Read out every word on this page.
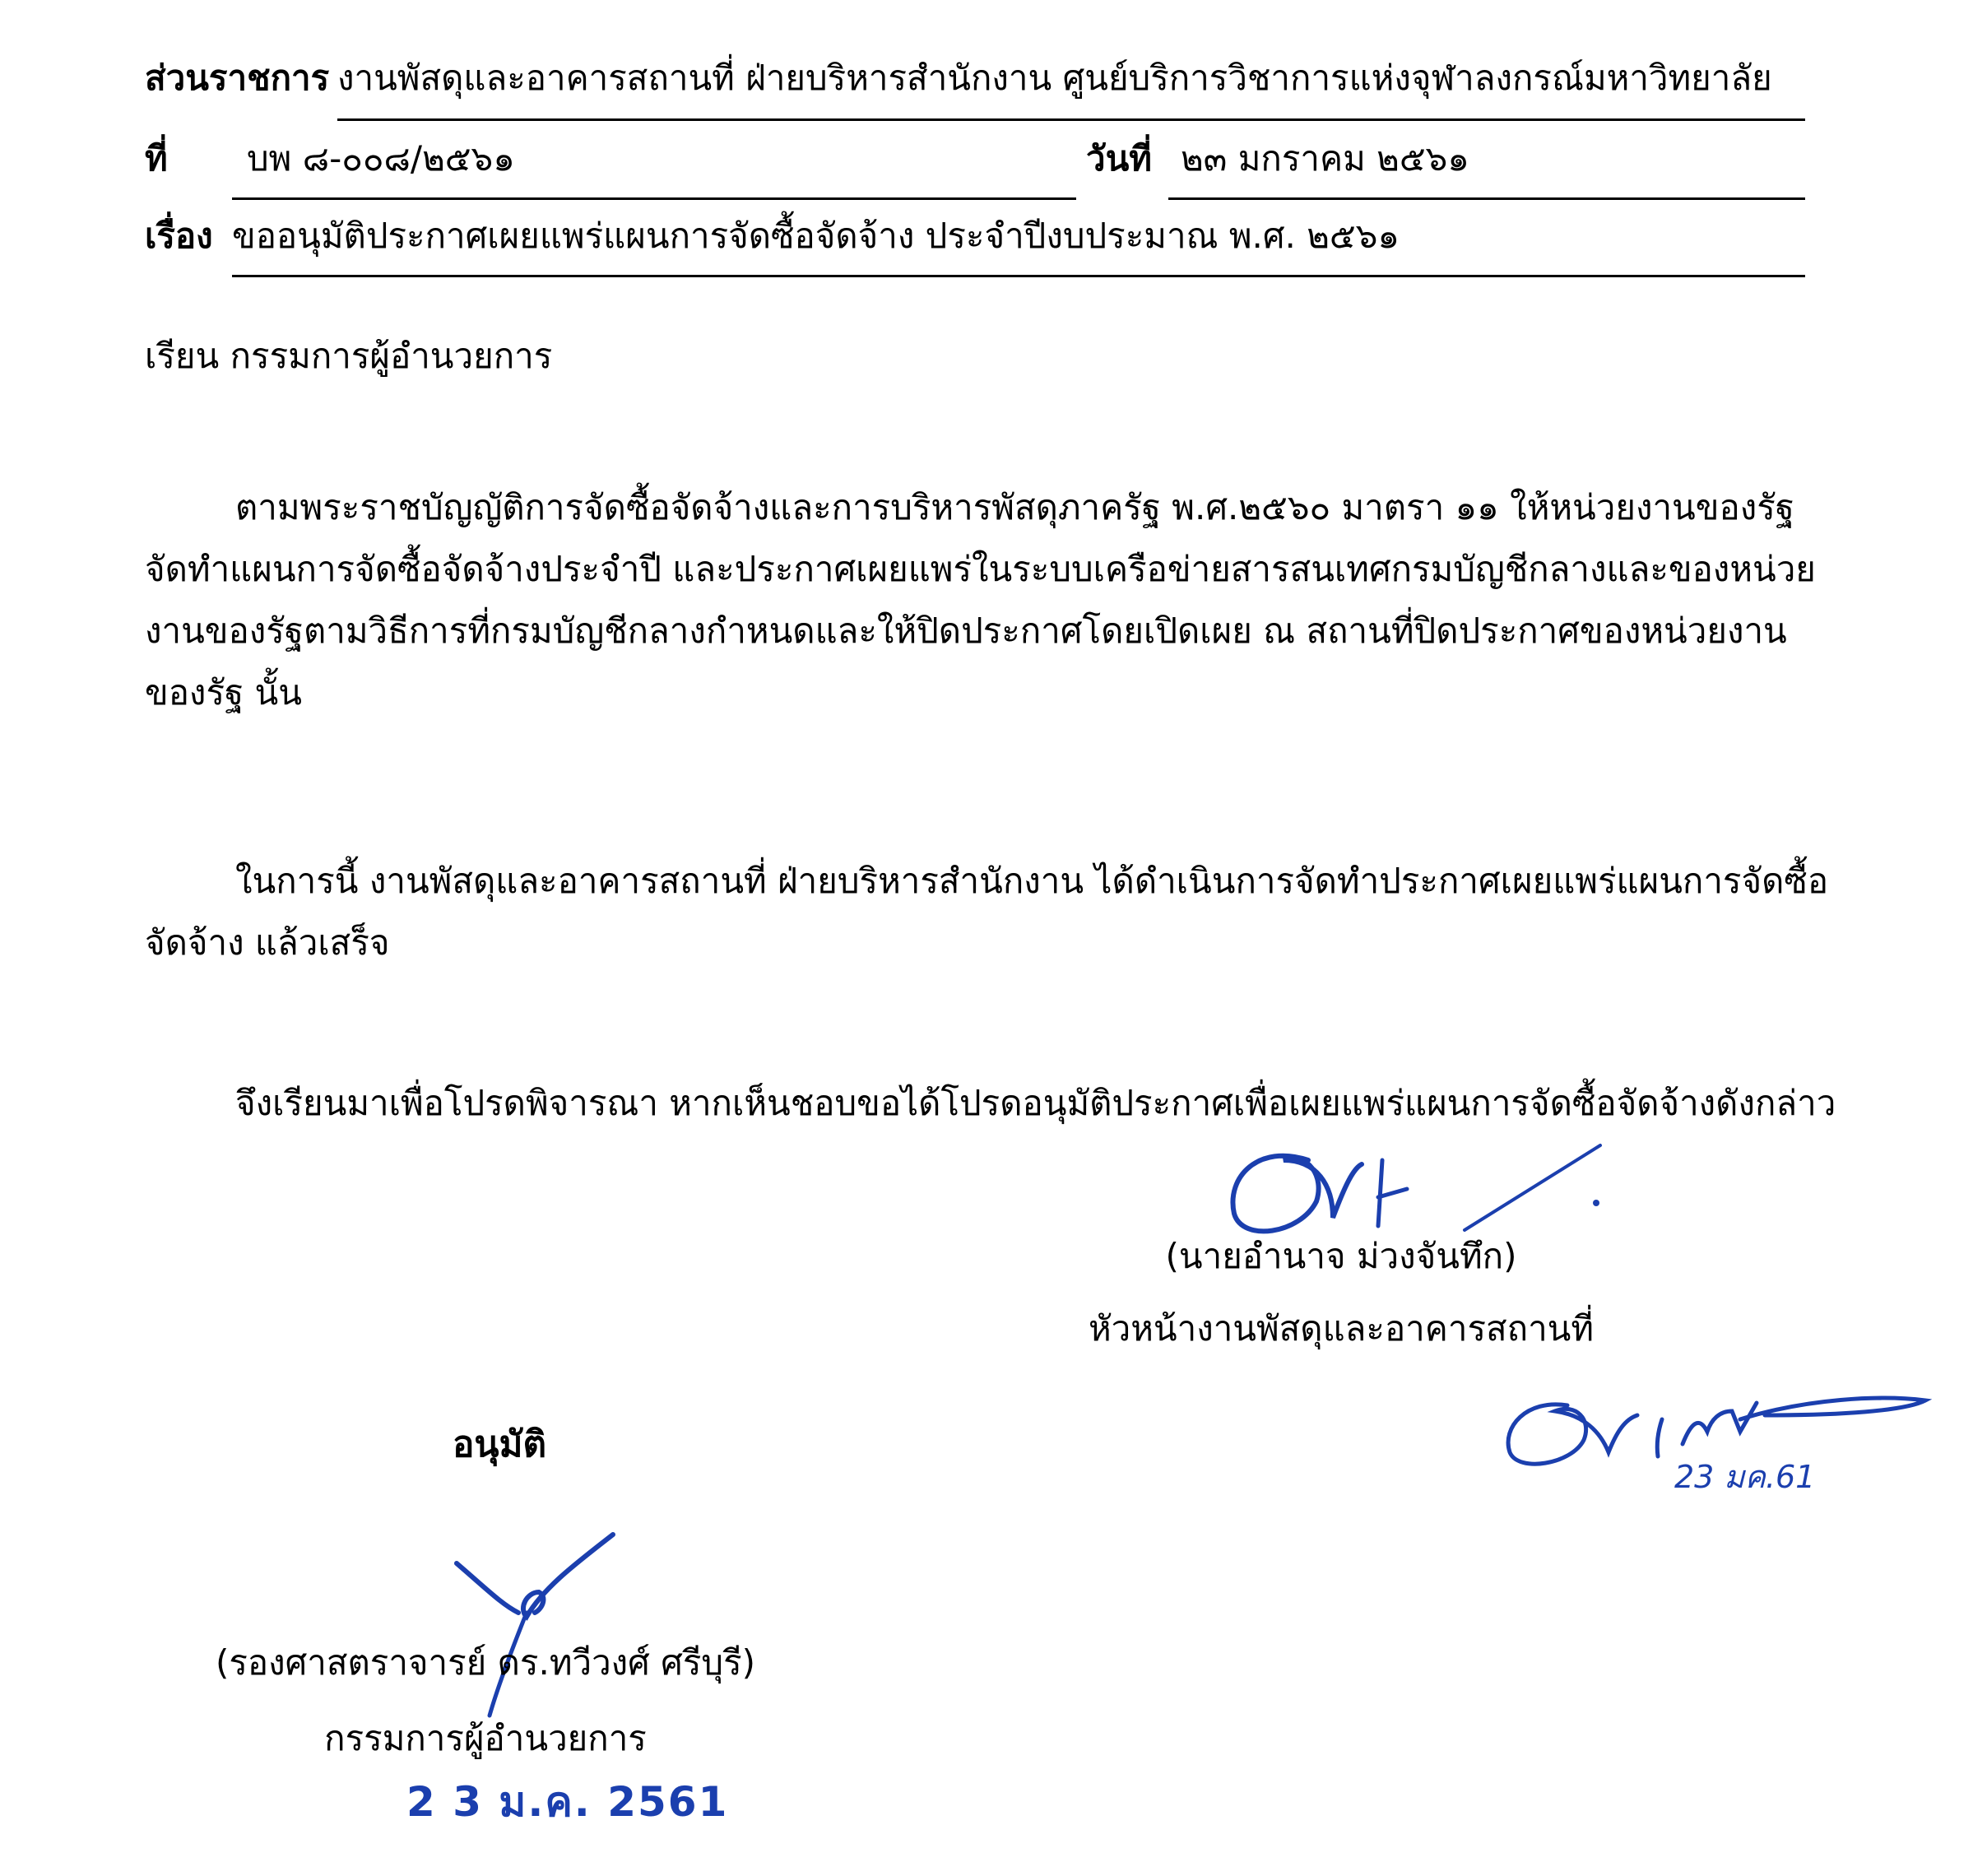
ส่วนราชการ งานพัสดุและอาคารสถานที่ ฝ่ายบริหารสำนักงาน ศูนย์บริการวิชาการแห่งจุฬาลงกรณ์มหาวิทยาลัย
ที่ บพ ๘-๐๐๘/๒๕๖๑	วันที่ ๒๓ มกราคม ๒๕๖๑
เรื่อง ขออนุมัติประกาศเผยแพร่แผนการจัดซื้อจัดจ้าง ประจำปีงบประมาณ พ.ศ. ๒๕๖๑
เรียน กรรมการผู้อำนวยการ
ตามพระราชบัญญัติการจัดซื้อจัดจ้างและการบริหารพัสดุภาครัฐ พ.ศ.๒๕๖๐ มาตรา ๑๑ ให้หน่วยงานของรัฐ
จัดทำแผนการจัดซื้อจัดจ้างประจำปี และประกาศเผยแพร่ในระบบเครือข่ายสารสนเทศกรมบัญชีกลางและของหน่วย
งานของรัฐตามวิธีการที่กรมบัญชีกลางกำหนดและให้ปิดประกาศโดยเปิดเผย ณ สถานที่ปิดประกาศของหน่วยงาน
ของรัฐ นั้น
ในการนี้ งานพัสดุและอาคารสถานที่ ฝ่ายบริหารสำนักงาน ได้ดำเนินการจัดทำประกาศเผยแพร่แผนการจัดซื้อ
จัดจ้าง แล้วเสร็จ
จึงเรียนมาเพื่อโปรดพิจารณา หากเห็นชอบขอได้โปรดอนุมัติประกาศเพื่อเผยแพร่แผนการจัดซื้อจัดจ้างดังกล่าว
(นายอำนาจ ม่วงจันทึก)
หัวหน้างานพัสดุและอาคารสถานที่
23 มค.61
อนุมัติ
(รองศาสตราจารย์ ดร.ทวีวงศ์ ศรีบุรี)
กรรมการผู้อำนวยการ
2 3 ม.ค. 2561
